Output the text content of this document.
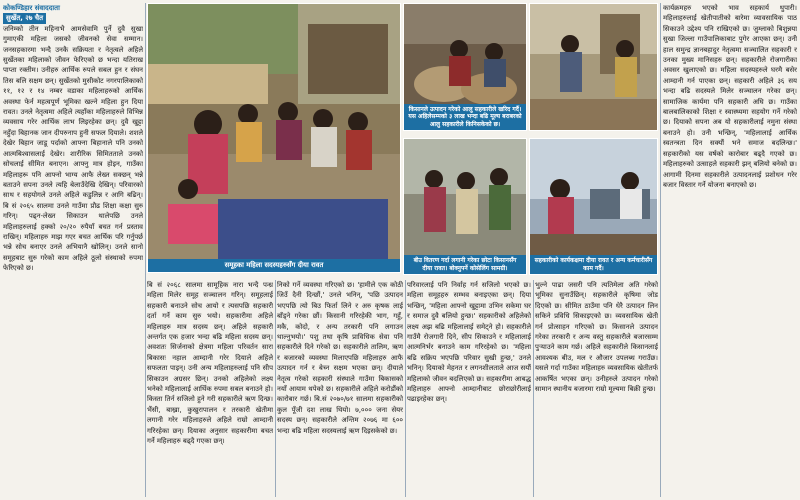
कोकण्डिहार संवाददाता
सुर्खेत, २७ चैत

जनिम्को तीन महिनाभै आमसेवामि पुर्ने दुवै सुखा गुमाएकी महिला जसको जीवनको सेवा सम्मान। जनसहकारमा भन्दै उनकै सक्रियता र नेतृत्वले अहिले सुर्खेतका महिलाको जीवन फेरिएको छ भन्दा यतिराख पाप्ता रक्तीम। उनीहरु आर्थिक रुपले सबल हुन र संघन तिस बलि सक्षम छन्। सुर्खेतको मुसीकोट नगरपालिकाको ११, १२ र १४ नम्बर वडाका महिलाहरुको आर्थिक अवस्था फेर्न महत्वपूर्ण भूमिका खल्ने महिला हुन दिया रावत। उनले नेतृत्वमा अहिले त्यहाँका महिलाहरुले विभिन्न व्यवसाय गरेर आर्थिक लाभ लिइरहेका छन्। दुवै खुट्टा नहुँदा बिहानक जान दीपरुनाप हुनी सफल दियाले। शशले देखेर बिहान जाडू पर्दाको आफ्ना बिहानाले पनि उनको आत्मबिश्वासलाई देखेर। शारीरिक सिमितताले उनको सोचलाई सीमित बनाएन। आफ्नु मात्र होइन, गाउँका महिलाहरू पनि आफ्नो भाग्य आफै लेख्न सक्छन् भन्ने बताउने सपना उनले त्यहि बेलाउँदेखि देखिन्। परिवारको साथ र सहयोगले उनले अहिले कडुलिन्न र आगि बढिन्। बि सं २०६५ सालमा उनले गाउँमा प्रौढ शिक्षा कक्षा सुरु गरिन्। पढ्न-लेख्न सिकाउन थालेपछि उनले महिलाहरुलाई हक्को २०/२० रुपैयाँ बचत गर्न प्रस्ताव राखिन्। महिलाहरु माझ गएर बचत आर्थिक परि गर्नुपर्छ भन्ने सोच बनाएर उनले अभियानै खोलिन्। उनले सानो समूहबाट सुरु गरेको काम अहिले ठूलो संस्थाको रुपमा फेरिएको छ।	समूहका महिला सदस्यहरुसँग दीया रावत
किसानले उत्पादन गरेको आलु सहकारीले खरिद गर्दै। यस अहिलेसम्मको ३ लाख भन्दा बढि मूल्य बराबरको आलु सहकारीले किनिसकेको छ।
बीउ वितरण गर्दा लगानी गरेका छोटा किसानसँग दीया रावत। बोक्नुपर्ने कोसेलिंग सामग्री।
सहकारीको कार्यकक्षमा दीया रावत र अन्य कर्मचारीसँग काम गर्दै।

कार्यक्रमहरु भएको भाव सहकार्य थुपारी। महिलाहरुलाई खेतीपातीको बारेमा व्यावसायिक पाठ सिकाउने उद्देश्य पनि राखिएको छ। जुम्लाको बिशुन्नया सुखा जिल्ला गाउँपालिकाबाट पुगेर आएका छन्। उनी हाल समुन्द्र ज्ञानबहादुर नेतृत्वमा सञ्चालित सहकारी र उनका मुख्य मानिसहरु छन्। सहकारीले रोजगारीका अवसर खुलाएको छ। महिला सदस्यहरुले घरमै बसेर आम्दानी गर्न पाएका छन्। सहकारी अहिले ३६ सय भन्दा बढि सदस्यले मिलेर सञ्चालन गरेका छन्। सामाजिक कार्यमा पनि सहकारी अघि छ। गाउँका बालबालिकाको शिक्षा र स्वास्थ्यमा सहयोग गर्ने गरेको छ। दियाको सपना अब यो सहकारीलाई नमुना संस्था बनाउने हो। उनी भन्छिन्, 'महिलालाई आर्थिक स्वतन्त्रता दिन सक्यौं भने समाज बदलिन्छ।' सहकारीको यस वर्षको कारोबार बढ्दै गएको छ। महिलाहरुको उत्साहले सहकारी झन् बलियो बनेको छ। आगामी दिनमा सहकारीले उत्पादनलाई प्रशोधन गरेर बजार विस्तार गर्ने योजना बनाएको छ।

बि सं २०६८ सालमा सामूहिक नारा भन्दै पन्ध्र महिला मिलेर समूह सञ्चालन गरिन्। समूहलाई सहकारी बनाउने सोच आयो र त्यसपछि सहकारी दर्ता गर्ने काम सुरु भयो। सहकारीमा अहिले महिलाहरु मात्र सदस्य छन्। अहिले सहकारी अन्तर्गत एक हजार भन्दा बढि महिला सदस्य छन्। अवशतः सिर्जनाको क्षेत्रमा महिला परिवर्तन सारा बिकासः नहाल आम्दानी गरेर दियाले अहिले सफलता पाइन्। उनी अन्य महिलाहरुलाई पनि सीप सिकाउन अग्रसर छिन्। उनको अहिलेको लक्ष्य भनेको महिलालाई आर्थिक रुपमा सबल बनाउने हो। किस्ता तिर्न सजिलो हुने गरी सहकारीले ऋण दिन्छ। भैंसी, बाख्रा, कुखुरापालन र तरकारी खेतीमा लगानी गरेर महिलाहरुले अहिले राम्रो आम्दानी गरिरहेका छन्। दियाका अनुसार सहकारीमा बचत गर्ने महिलाहरु बढ्दै गएका छन्।

निको गर्ने व्यवस्था गरिएको छ। 'हामीले एक कोठी जिउँ दैनी दिन्छौं,' उनले भनिन्, 'पछि उत्पादन भएपछि त्यो बिउ फिर्ता लिने र अरु कृषक लाई बाँड्ने गरेका छौं। किसानी गरिरहेकी भाग, गहुँ, मकै, कोदो, र अन्य तरकारी पनि लगाउन थाल्नुभयो।' पशु तथा कृषि प्राविधिक सेवा पनि सहकारीले दिने गरेको छ। सहकारीले तालिम, ऋण र बजारको व्यवस्था मिलाएपछि महिलाहरु आफै उत्पादन गर्न र बेच्न सक्षम भएका छन्। दीयाले नेतृत्व गरेको सहकारी संस्थाले गाउँमा बिकासको नयाँ आयाम थपेको छ। सहकारीले अहिले करोडौंको कारोबार गर्छ। बि.सं २०७०/७१ सालमा सहकारीको कुल पूँजी दश लाख थियो। ७,००० जना सेयर सदस्य छन्। सहकारीले अन्तिम २०७६ मा ६०० भन्दा बढि महिला सदस्यलाई ऋण दिइसकेको छ।

परिवारलाई पनि निर्वाह गर्न सजिलो भएको छ। महिला समूहहरु सम्भव बनाइएका छन्। दिया भन्छिन्, 'महिला आफ्नो खुट्टामा उभिन सकेमा घर र समाज दुवै बलियो हुन्छ।' सहकारीको अहिलेको लक्ष्य अझ बढि महिलालाई समेट्ने हो। सहकारीले गाउँमै रोजगारी दिने, सीप सिकाउने र महिलालाई आत्मनिर्भर बनाउने काम गरिरहेको छ। 'महिला बढि सक्रिय भएपछि परिवार सुखी हुन्छ,' उनले भनिन्। दियाको मेहनत र लगनशीलताले आज सयौं महिलाको जीवन बदलिएको छ। सहकारीमा आबद्ध महिलाहरु आफ्नो आम्दानीबाट छोराछोरीलाई पढाइरहेका छन्।

भुल्ने पाढा जसरी पनि त्यतिमेला अति गरेको भूमिका सुनाउँछिन्। सहकारीले कृषिमा जोड दिएको छ। सीमित ठाउँमा पनि धेरै उत्पादन लिन सकिने प्रविधि सिकाइएको छ। व्यवसायिक खेती गर्न प्रोत्साहन गरिएको छ। किसानले उत्पादन गरेका तरकारी र अन्य वस्तु सहकारीले बजारसम्म पुर्‍याउने काम गर्छ। अहिले सहकारीले किसानलाई आवश्यक बीउ, मल र औजार उपलब्ध गराउँछ। यसले गर्दा गाउँका महिलाहरु व्यवसायिक खेतीतर्फ आकर्षित भएका छन्। उनीहरुले उत्पादन गरेको सामान स्थानीय बजारमा राम्रो मूल्यमा बिक्री हुन्छ।
